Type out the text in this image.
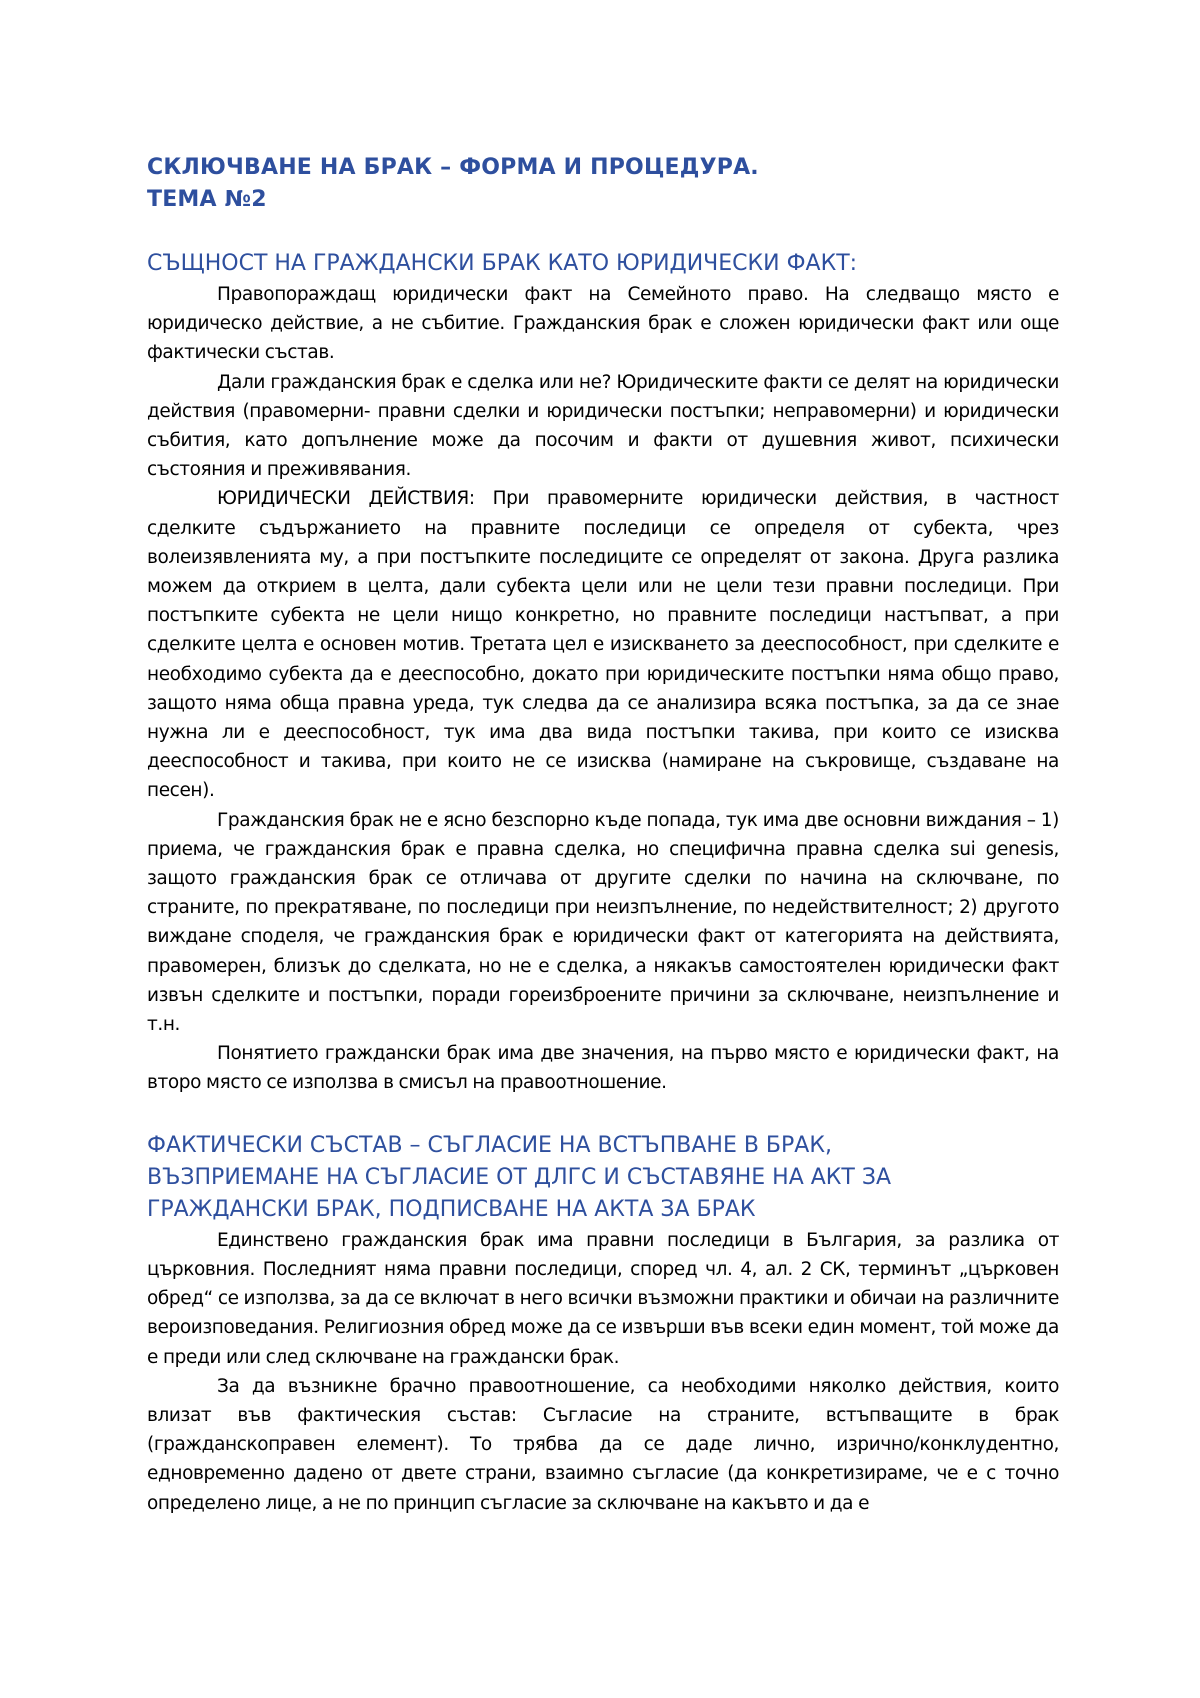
СКЛЮЧВАНЕ НА БРАК – ФОРМА И ПРОЦЕДУРА.
ТЕМА №2
СЪЩНОСТ НА ГРАЖДАНСКИ БРАК КАТО ЮРИДИЧЕСКИ ФАКТ:

Правопораждащ юридически факт на Семейното право. На следващо място е юридическо действие, а не събитие. Гражданския брак е сложен юридически факт или още фактически състав.

Дали гражданския брак е сделка или не? Юридическите факти се делят на юридически действия (правомерни- правни сделки и юридически постъпки; неправомерни) и юридически събития, като допълнение може да посочим и факти от душевния живот, психически състояния и преживявания.

ЮРИДИЧЕСКИ ДЕЙСТВИЯ: При правомерните юридически действия, в частност сделките съдържанието на правните последици се определя от субекта, чрез волеизявленията му, а при постъпките последиците се определят от закона. Друга разлика можем да открием в целта, дали субекта цели или не цели тези правни последици. При постъпките субекта не цели нищо конкретно, но правните последици настъпват, а при сделките целта е основен мотив. Третата цел е изискването за дееспособност, при сделките е необходимо субекта да е дееспособно, докато при юридическите постъпки няма общо право, защото няма обща правна уреда, тук следва да се анализира всяка постъпка, за да се знае нужна ли е дееспособност, тук има два вида постъпки такива, при които се изисква дееспособност и такива, при които не се изисква (намиране на съкровище, създаване на песен).

Гражданския брак не е ясно безспорно къде попада, тук има две основни виждания – 1) приема, че гражданския брак е правна сделка, но специфична правна сделка sui genesis, защото гражданския брак се отличава от другите сделки по начина на сключване, по страните, по прекратяване, по последици при неизпълнение, по недействителност; 2) другото виждане споделя, че гражданския брак е юридически факт от категорията на действията, правомерен, близък до сделката, но не е сделка, а някакъв самостоятелен юридически факт извън сделките и постъпки, поради гореизброените причини за сключване, неизпълнение и т.н.

Понятието граждански брак има две значения, на първо място е юридически факт, на второ място се използва в смисъл на правоотношение.

ФАКТИЧЕСКИ СЪСТАВ – СЪГЛАСИЕ НА ВСТЪПВАНЕ В БРАК,
ВЪЗПРИЕМАНЕ НА СЪГЛАСИЕ ОТ ДЛГС И СЪСТАВЯНЕ НА АКТ ЗА
ГРАЖДАНСКИ БРАК, ПОДПИСВАНЕ НА АКТА ЗА БРАК

Единствено гражданския брак има правни последици в България, за разлика от църковния. Последният няма правни последици, според чл. 4, ал. 2 СК, терминът „църковен обред“ се използва, за да се включат в него всички възможни практики и обичаи на различните вероизповедания. Религиозния обред може да се извърши във всеки един момент, той може да е преди или след сключване на граждански брак.

За да възникне брачно правоотношение, са необходими няколко действия, които влизат във фактическия състав: Съгласие на страните, встъпващите в брак (гражданскоправен елемент). То трябва да се даде лично, изрично/конклудентно, едновременно дадено от двете страни, взаимно съгласие (да конкретизираме, че е с точно определено лице, а не по принцип съгласие за сключване на какъвто и да е
